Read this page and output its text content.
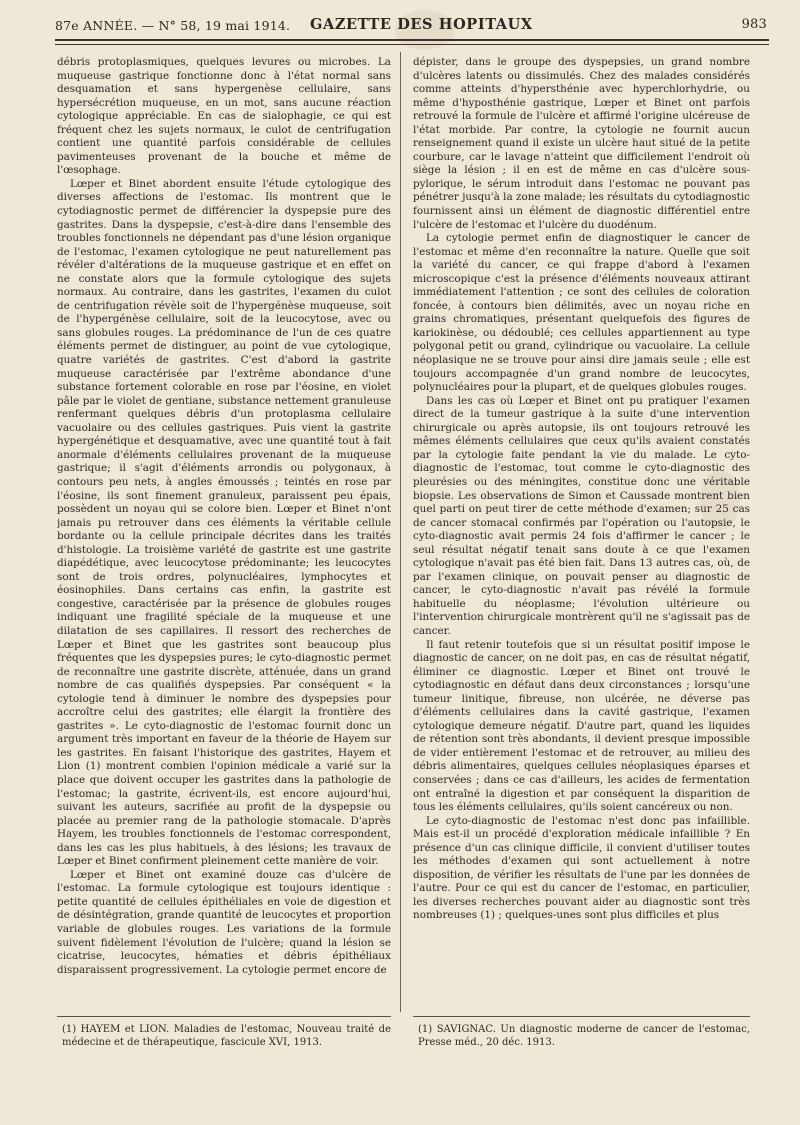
87e ANNÉE. — N° 58, 19 mai 1914. GAZETTE DES HOPITAUX	983

débris protoplasmiques, quelques levures ou microbes. La muqueuse gastrique fonctionne donc à l'état normal sans desquamation et sans hypergenèse cellulaire, sans hypersécrétion muqueuse, en un mot, sans aucune réaction cytologique appréciable. En cas de sialophagie, ce qui est fréquent chez les sujets normaux, le culot de centrifugation contient une quantité parfois considérable de cellules pavimenteuses provenant de la bouche et même de l'œsophage.

Lœper et Binet abordent ensuite l'étude cytologique des diverses affections de l'estomac. Ils montrent que le cytodiagnostic permet de différencier la dyspepsie pure des gastrites. Dans la dyspepsie, c'est-à-dire dans l'ensemble des troubles fonctionnels ne dépendant pas d'une lésion organique de l'estomac, l'examen cytologique ne peut naturellement pas révéler d'altérations de la muqueuse gastrique et en effet on ne constate alors que la formule cytologique des sujets normaux. Au contraire, dans les gastrites, l'examen du culot de centrifugation révèle soit de l'hypergénèse muqueuse, soit de l'hypergénèse cellulaire, soit de la leucocytose, avec ou sans globules rouges. La prédominance de l'un de ces quatre éléments permet de distinguer, au point de vue cytologique, quatre variétés de gastrites. C'est d'abord la gastrite muqueuse caractérisée par l'extrême abondance d'une substance fortement colorable en rose par l'éosine, en violet pâle par le violet de gentiane, substance nettement granuleuse renfermant quelques débris d'un protoplasma cellulaire vacuolaire ou des cellules gastriques. Puis vient la gastrite hypergénétique et desquamative, avec une quantité tout à fait anormale d'éléments cellulaires provenant de la muqueuse gastrique; il s'agit d'éléments arrondis ou polygonaux, à contours peu nets, à angles émoussés ; teintés en rose par l'éosine, ils sont finement granuleux, paraissent peu épais, possèdent un noyau qui se colore bien. Lœper et Binet n'ont jamais pu retrouver dans ces éléments la véritable cellule bordante ou la cellule principale décrites dans les traités d'histologie. La troisième variété de gastrite est une gastrite diapédétique, avec leucocytose prédominante; les leucocytes sont de trois ordres, polynucléaires, lymphocytes et éosinophiles. Dans certains cas enfin, la gastrite est congestive, caractérisée par la présence de globules rouges indiquant une fragilité spéciale de la muqueuse et une dilatation de ses capillaires. Il ressort des recherches de Lœper et Binet que les gastrites sont beaucoup plus fréquentes que les dyspepsies pures; le cyto-diagnostic permet de reconnaître une gastrite discrète, atténuée, dans un grand nombre de cas qualifiés dyspepsies. Par conséquent « la cytologie tend à diminuer le nombre des dyspepsies pour accroître celui des gastrites; elle élargit la frontière des gastrites ». Le cyto-diagnostic de l'estomac fournit donc un argument très important en faveur de la théorie de Hayem sur les gastrites. En faisant l'historique des gastrites, Hayem et Lion (1) montrent combien l'opinion médicale a varié sur la place que doivent occuper les gastrites dans la pathologie de l'estomac; la gastrite, écrivent-ils, est encore aujourd'hui, suivant les auteurs, sacrifiée au profit de la dyspepsie ou placée au premier rang de la pathologie stomacale. D'après Hayem, les troubles fonctionnels de l'estomac correspondent, dans les cas les plus habituels, à des lésions; les travaux de Lœper et Binet confirment pleinement cette manière de voir.

Lœper et Binet ont examiné douze cas d'ulcère de l'estomac. La formule cytologique est toujours identique : petite quantité de cellules épithéliales en voie de digestion et de désintégration, grande quantité de leucocytes et proportion variable de globules rouges. Les variations de la formule suivent fidèlement l'évolution de l'ulcère; quand la lésion se cicatrise, leucocytes, hématies et débris épithéliaux disparaissent progressivement. La cytologie permet encore de

dépister, dans le groupe des dyspepsies, un grand nombre d'ulcères latents ou dissimulés. Chez des malades considérés comme atteints d'hypersthénie avec hyperchlorhydrie, ou même d'hyposthénie gastrique, Lœper et Binet ont parfois retrouvé la formule de l'ulcère et affirmé l'origine ulcéreuse de l'état morbide. Par contre, la cytologie ne fournit aucun renseignement quand il existe un ulcère haut situé de la petite courbure, car le lavage n'atteint que difficilement l'endroit où siège la lésion ; il en est de même en cas d'ulcère sous-pylorique, le sérum introduit dans l'estomac ne pouvant pas pénétrer jusqu'à la zone malade; les résultats du cytodiagnostic fournissent ainsi un élément de diagnostic différentiel entre l'ulcère de l'estomac et l'ulcère du duodénum.

La cytologie permet enfin de diagnostiquer le cancer de l'estomac et même d'en reconnaître la nature. Quelle que soit la variété du cancer, ce qui frappe d'abord à l'examen microscopique c'est la présence d'éléments nouveaux attirant immédiatement l'attention ; ce sont des cellules de coloration foncée, à contours bien délimités, avec un noyau riche en grains chromatiques, présentant quelquefois des figures de kariokinèse, ou dédoublé; ces cellules appartiennent au type polygonal petit ou grand, cylindrique ou vacuolaire. La cellule néoplasique ne se trouve pour ainsi dire jamais seule ; elle est toujours accompagnée d'un grand nombre de leucocytes, polynucléaires pour la plupart, et de quelques globules rouges.

Dans les cas où Lœper et Binet ont pu pratiquer l'examen direct de la tumeur gastrique à la suite d'une intervention chirurgicale ou après autopsie, ils ont toujours retrouvé les mêmes éléments cellulaires que ceux qu'ils avaient constatés par la cytologie faite pendant la vie du malade. Le cyto-diagnostic de l'estomac, tout comme le cyto-diagnostic des pleurésies ou des méningites, constitue donc une véritable biopsie. Les observations de Simon et Caussade montrent bien quel parti on peut tirer de cette méthode d'examen; sur 25 cas de cancer stomacal confirmés par l'opération ou l'autopsie, le cyto-diagnostic avait permis 24 fois d'affirmer le cancer ; le seul résultat négatif tenait sans doute à ce que l'examen cytologique n'avait pas été bien fait. Dans 13 autres cas, où, de par l'examen clinique, on pouvait penser au diagnostic de cancer, le cyto-diagnostic n'avait pas révélé la formule habituelle du néoplasme; l'évolution ultérieure ou l'intervention chirurgicale montrèrent qu'il ne s'agissait pas de cancer.

Il faut retenir toutefois que si un résultat positif impose le diagnostic de cancer, on ne doit pas, en cas de résultat négatif, éliminer ce diagnostic. Lœper et Binet ont trouvé le cytodiagnostic en défaut dans deux circonstances ; lorsqu'une tumeur linitique, fibreuse, non ulcérée, ne déverse pas d'éléments cellulaires dans la cavité gastrique, l'examen cytologique demeure négatif. D'autre part, quand les liquides de rétention sont très abondants, il devient presque impossible de vider entièrement l'estomac et de retrouver, au milieu des débris alimentaires, quelques cellules néoplasiques éparses et conservées ; dans ce cas d'ailleurs, les acides de fermentation ont entraîné la digestion et par conséquent la disparition de tous les éléments cellulaires, qu'ils soient cancéreux ou non.

Le cyto-diagnostic de l'estomac n'est donc pas infaillible. Mais est-il un procédé d'exploration médicale infaillible ? En présence d'un cas clinique difficile, il convient d'utiliser toutes les méthodes d'examen qui sont actuellement à notre disposition, de vérifier les résultats de l'une par les données de l'autre. Pour ce qui est du cancer de l'estomac, en particulier, les diverses recherches pouvant aider au diagnostic sont très nombreuses (1) ; quelques-unes sont plus difficiles et plus

(1) HAYEM et LION. Maladies de l'estomac, Nouveau traité de médecine et de thérapeutique, fascicule XVI, 1913.
(1) SAVIGNAC. Un diagnostic moderne de cancer de l'estomac, Presse méd., 20 déc. 1913.
